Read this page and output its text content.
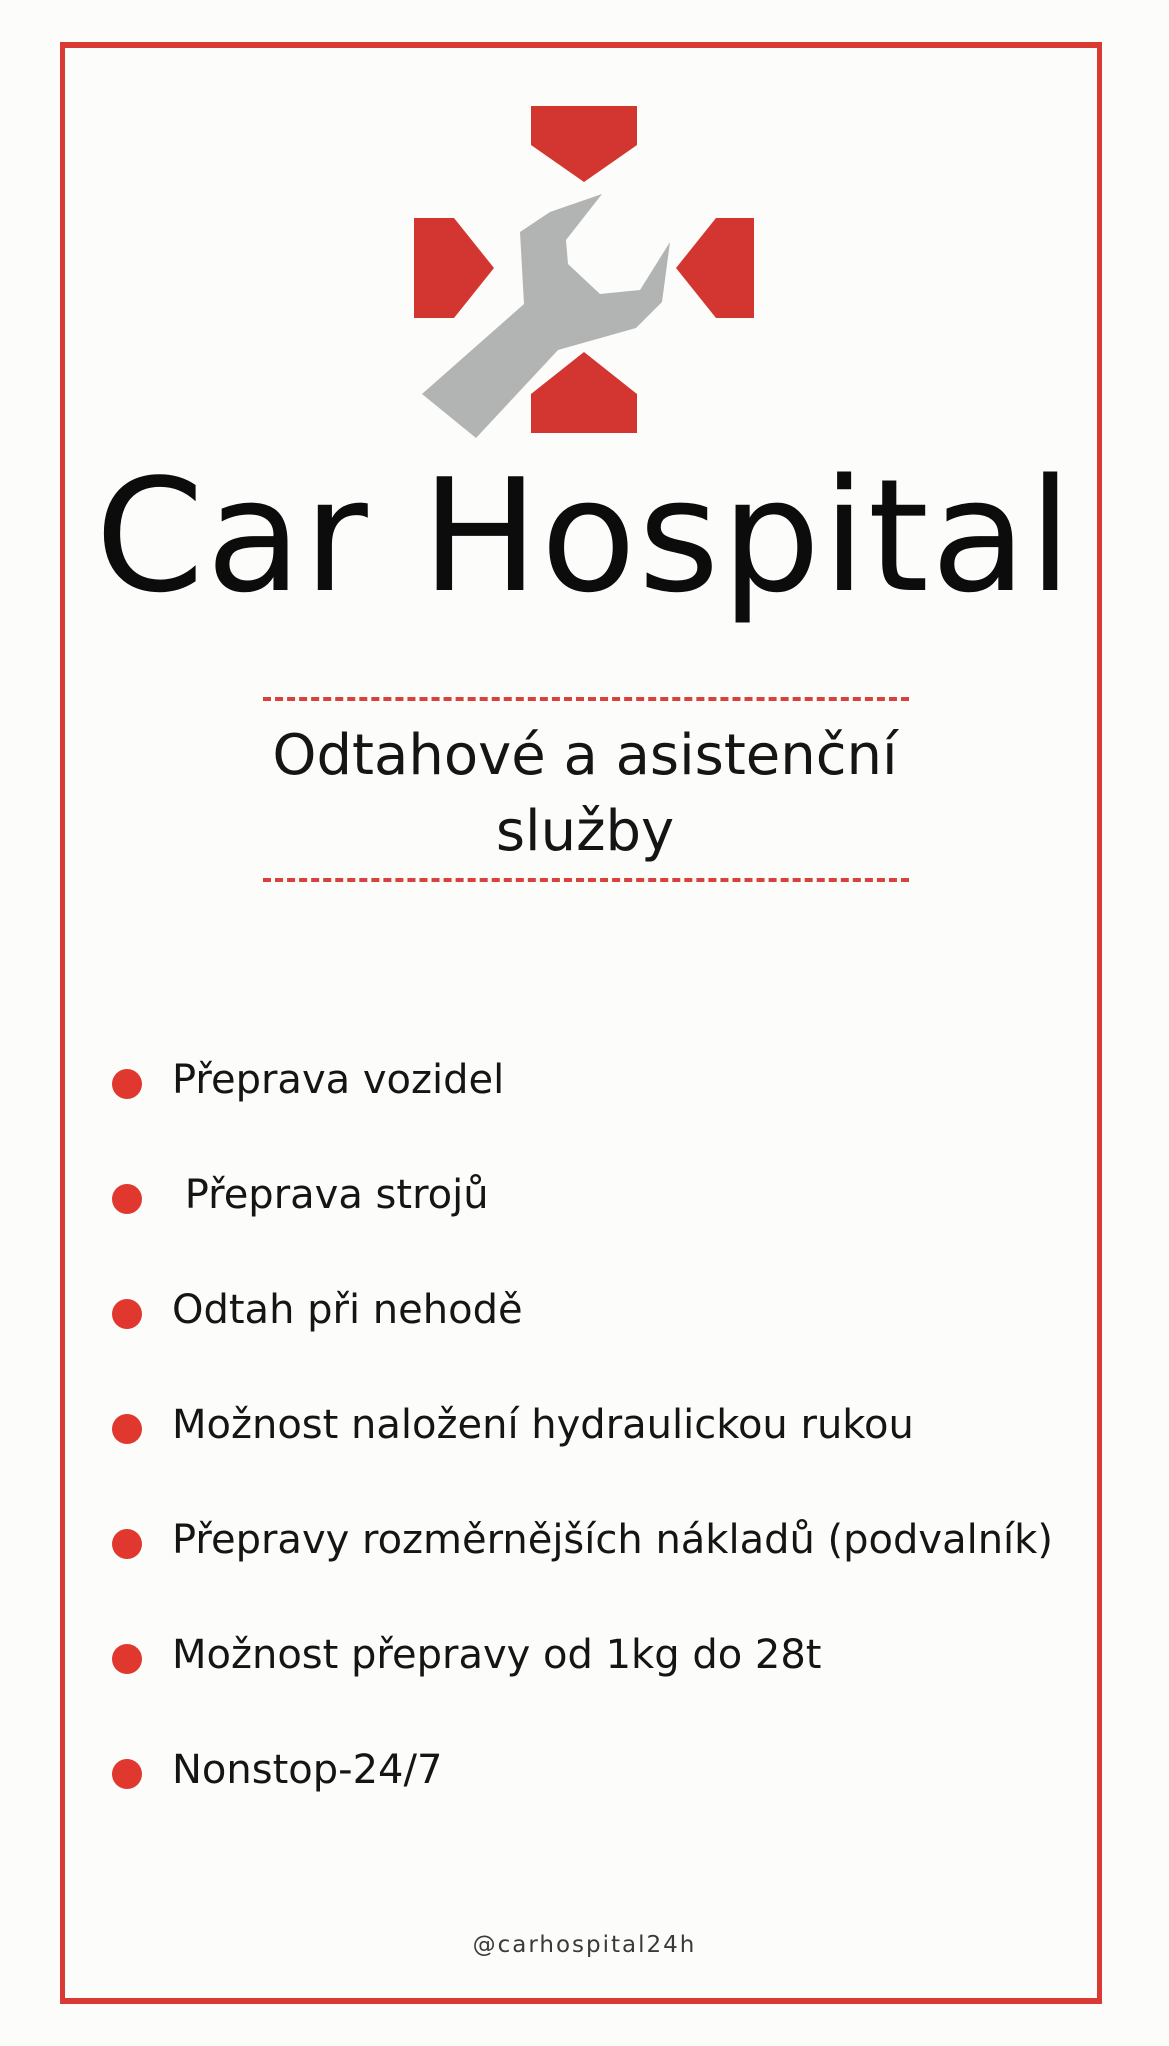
Car Hospital
Odtahové a asistenční
služby
Přeprava vozidel
Přeprava strojů
Odtah při nehodě
Možnost naložení hydraulickou rukou
Přepravy rozměrnějších nákladů (podvalník)
Možnost přepravy od 1kg do 28t
Nonstop-24/7
@carhospital24h
